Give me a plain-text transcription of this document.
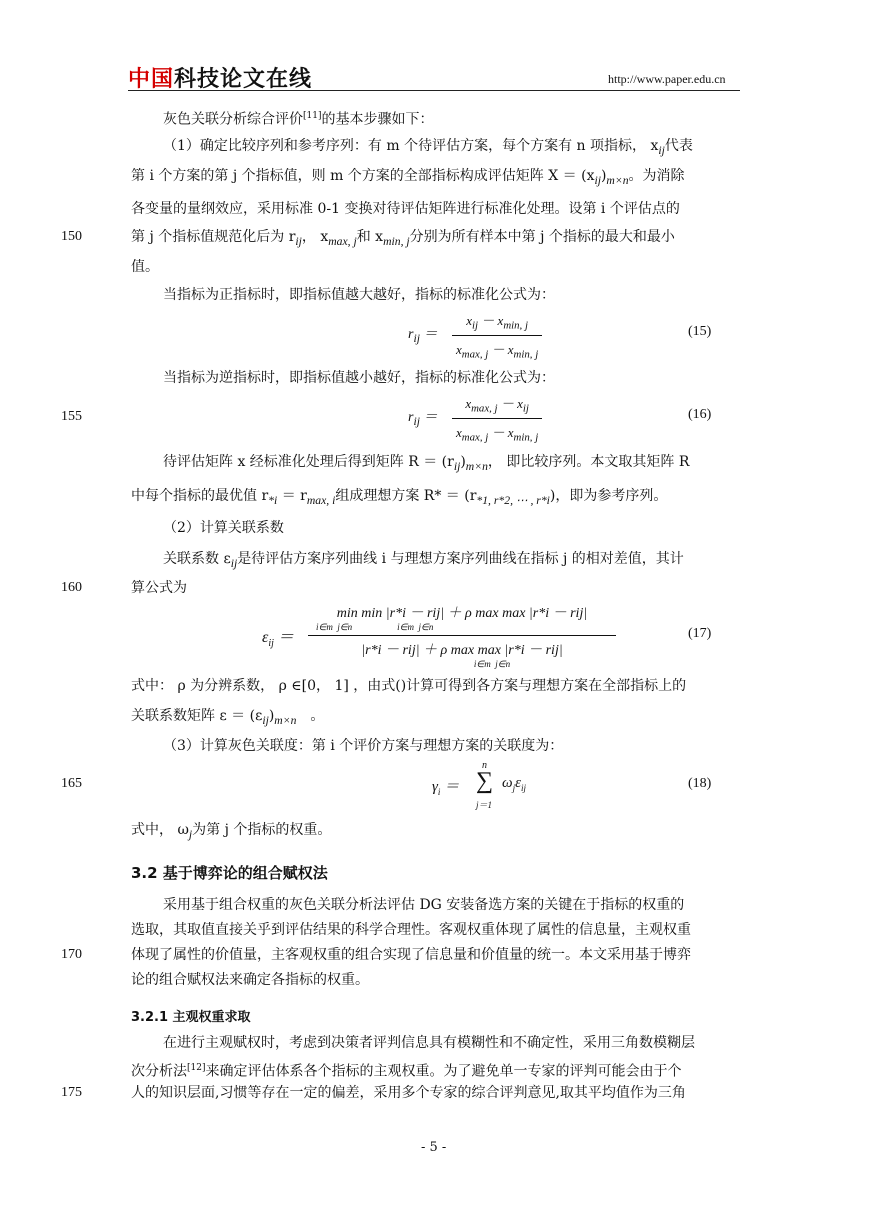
中国科技论文在线	http://www.paper.edu.cn
灰色关联分析综合评价[11]的基本步骤如下：
（1）确定比较序列和参考序列：有 m 个待评估方案，每个方案有 n 项指标， $x_{ij}$代表
第 i 个方案的第 j 个指标值，则 m 个方案的全部指标构成评估矩阵 $X = (x_{ij})_{m\times n}$。为消除
各变量的量纲效应，采用标准 0-1 变换对待评估矩阵进行标准化处理。设第 i 个评估点的
第 j 个指标值规范化后为 $r_{ij}$， $x_{max, j}$和 $x_{min, j}$分别为所有样本中第 j 个指标的最大和最小
150
值。
当指标为正指标时，即指标值越大越好，指标的标准化公式为：
$r_{ij}$ ＝
$x_{ij} - x_{min, j}$
$x_{max, j} - x_{min, j}$
(15)
当指标为逆指标时，即指标值越小越好，指标的标准化公式为：
$r_{ij}$ ＝
$x_{max, j} - x_{ij}$
$x_{max, j} - x_{min, j}$
155	(16)
待评估矩阵 x 经标准化处理后得到矩阵 $R = (r_{ij})_{m\times n}$， 即比较序列。本文取其矩阵 R
中每个指标的最优值 $r_{*i} = r_{max, i}$组成理想方案 $R* = (r_{*1, r*2, \cdots , r*i})$，即为参考序列。
（2）计算关联系数
关联系数 $\varepsilon_{ij}$是待评估方案序列曲线 i 与理想方案序列曲线在指标 j 的相对差值，其计
算公式为
160
$\varepsilon_{ij}$ ＝
min min |r*i － rij| ＋ ρ max max |r*i － rij|
i∈m  j∈n                    i∈m  j∈n
|r*i － rij| ＋ ρ max max |r*i － rij|
i∈m  j∈n
(17)
式中： ρ 为分辨系数， ρ ∈[0， 1] ，由式()计算可得到各方案与理想方案在全部指标上的
关联系数矩阵 $\varepsilon = (\varepsilon_{ij})_{m\times n}$　 。
（3）计算灰色关联度：第 i 个评价方案与理想方案的关联度为：
$\gamma_i$ ＝
n
∑
j＝1
$\omega_j\varepsilon_{ij}$
165	(18)
式中， $\omega_j$为第 j 个指标的权重。
3.2 基于博弈论的组合赋权法
采用基于组合权重的灰色关联分析法评估 DG 安装备选方案的关键在于指标的权重的
选取，其取值直接关乎到评估结果的科学合理性。客观权重体现了属性的信息量，主观权重
体现了属性的价值量，主客观权重的组合实现了信息量和价值量的统一。本文采用基于博弈
170
论的组合赋权法来确定各指标的权重。
3.2.1 主观权重求取
在进行主观赋权时，考虑到决策者评判信息具有模糊性和不确定性，采用三角数模糊层
次分析法[12]来确定评估体系各个指标的主观权重。为了避免单一专家的评判可能会由于个
人的知识层面,习惯等存在一定的偏差，采用多个专家的综合评判意见,取其平均值作为三角
175
- 5 -
